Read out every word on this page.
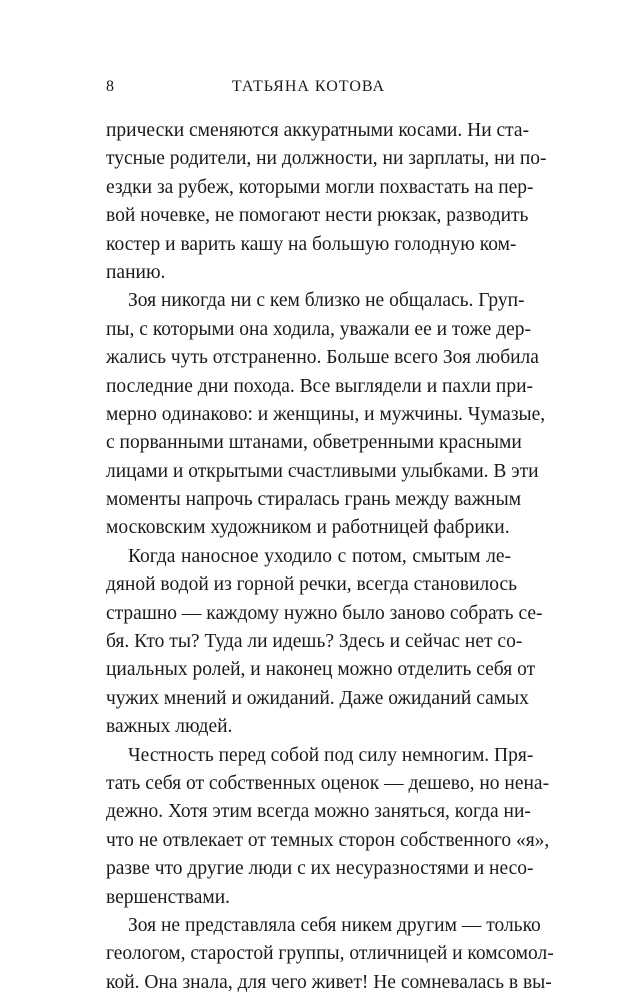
8	ТАТЬЯНА КОТОВА
прически сменяются аккуратными косами. Ни ста-
тусные родители, ни должности, ни зарплаты, ни по-
ездки за рубеж, которыми могли похвастать на пер-
вой ночевке, не помогают нести рюкзак, разводить
костер и варить кашу на большую голодную ком-
панию.
Зоя никогда ни с кем близко не общалась. Груп-
пы, с которыми она ходила, уважали ее и тоже дер-
жались чуть отстраненно. Больше всего Зоя любила
последние дни похода. Все выглядели и пахли при-
мерно одинаково: и женщины, и мужчины. Чумазые,
с порванными штанами, обветренными красными
лицами и открытыми счастливыми улыбками. В эти
моменты напрочь стиралась грань между важным
московским художником и работницей фабрики.
Когда наносное уходило с потом, смытым ле-
дяной водой из горной речки, всегда становилось
страшно — каждому нужно было заново собрать се-
бя. Кто ты? Туда ли идешь? Здесь и сейчас нет со-
циальных ролей, и наконец можно отделить себя от
чужих мнений и ожиданий. Даже ожиданий самых
важных людей.
Честность перед собой под силу немногим. Пря-
тать себя от собственных оценок — дешево, но нена-
дежно. Хотя этим всегда можно заняться, когда ни-
что не отвлекает от темных сторон собственного «я»,
разве что другие люди с их несуразностями и несо-
вершенствами.
Зоя не представляла себя никем другим — только
геологом, старостой группы, отличницей и комсомол-
кой. Она знала, для чего живет! Не сомневалась в вы-
